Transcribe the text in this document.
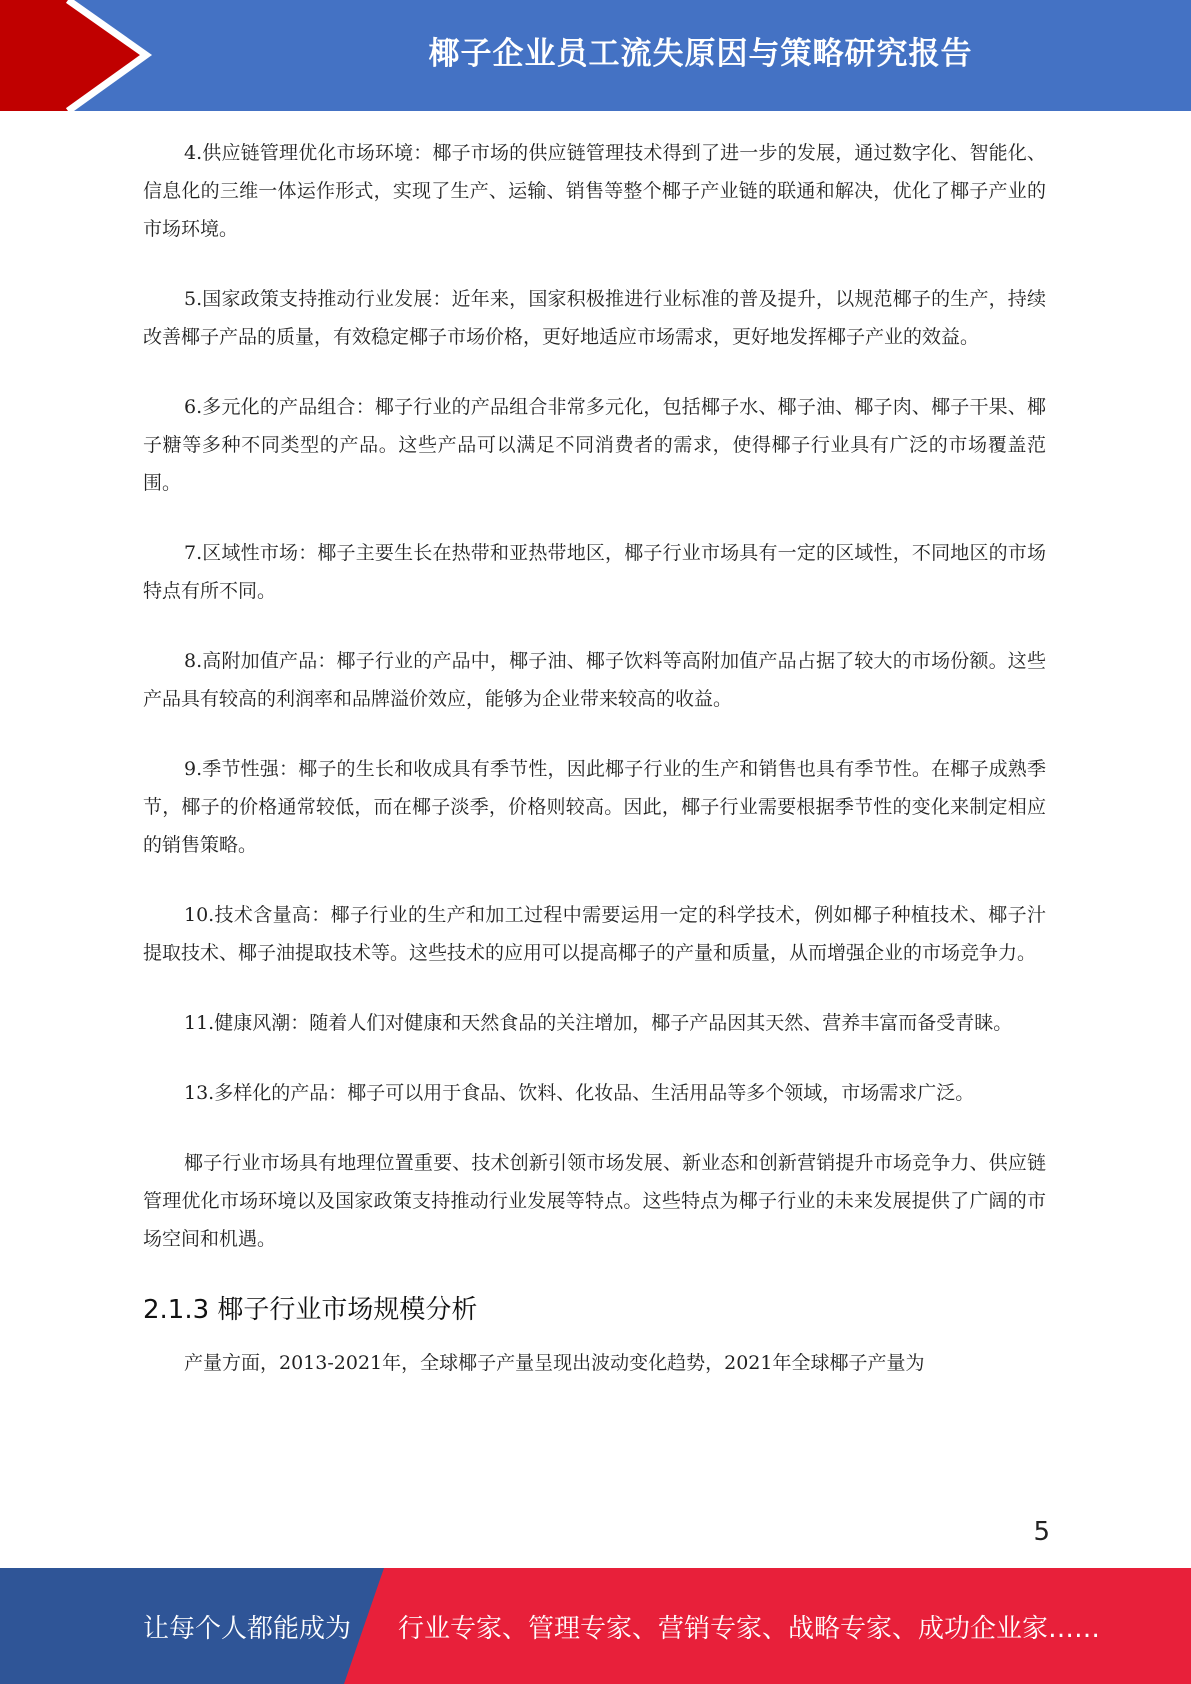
椰子企业员工流失原因与策略研究报告

4.供应链管理优化市场环境：椰子市场的供应链管理技术得到了进一步的发展，通过数字化、智能化、信息化的三维一体运作形式，实现了生产、运输、销售等整个椰子产业链的联通和解决，优化了椰子产业的市场环境。

5.国家政策支持推动行业发展：近年来，国家积极推进行业标准的普及提升，以规范椰子的生产，持续改善椰子产品的质量，有效稳定椰子市场价格，更好地适应市场需求，更好地发挥椰子产业的效益。

6.多元化的产品组合：椰子行业的产品组合非常多元化，包括椰子水、椰子油、椰子肉、椰子干果、椰子糖等多种不同类型的产品。这些产品可以满足不同消费者的需求，使得椰子行业具有广泛的市场覆盖范围。

7.区域性市场：椰子主要生长在热带和亚热带地区，椰子行业市场具有一定的区域性，不同地区的市场特点有所不同。

8.高附加值产品：椰子行业的产品中，椰子油、椰子饮料等高附加值产品占据了较大的市场份额。这些产品具有较高的利润率和品牌溢价效应，能够为企业带来较高的收益。

9.季节性强：椰子的生长和收成具有季节性，因此椰子行业的生产和销售也具有季节性。在椰子成熟季节，椰子的价格通常较低，而在椰子淡季，价格则较高。因此，椰子行业需要根据季节性的变化来制定相应的销售策略。

10.技术含量高：椰子行业的生产和加工过程中需要运用一定的科学技术，例如椰子种植技术、椰子汁提取技术、椰子油提取技术等。这些技术的应用可以提高椰子的产量和质量，从而增强企业的市场竞争力。

11.健康风潮：随着人们对健康和天然食品的关注增加，椰子产品因其天然、营养丰富而备受青睐。

13.多样化的产品：椰子可以用于食品、饮料、化妆品、生活用品等多个领域，市场需求广泛。

椰子行业市场具有地理位置重要、技术创新引领市场发展、新业态和创新营销提升市场竞争力、供应链管理优化市场环境以及国家政策支持推动行业发展等特点。这些特点为椰子行业的未来发展提供了广阔的市场空间和机遇。

2.1.3 椰子行业市场规模分析

产量方面，2013-2021年，全球椰子产量呈现出波动变化趋势，2021年全球椰子产量为

5
让每个人都能成为 行业专家、管理专家、营销专家、战略专家、成功企业家……
